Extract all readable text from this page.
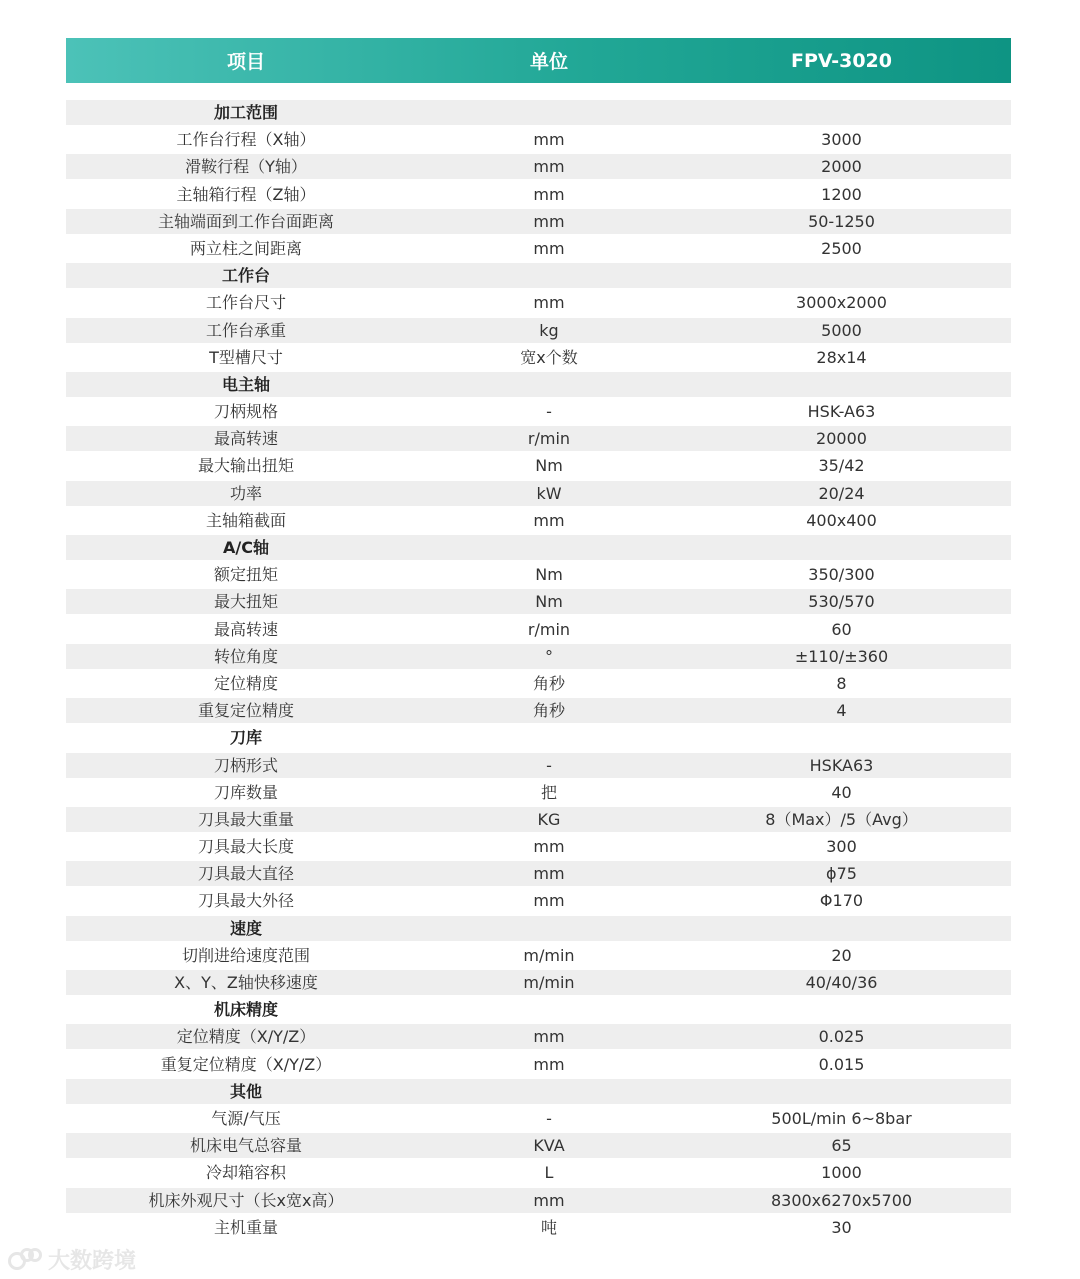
项目	单位	FPV-3020
加工范围
工作台行程（X轴）	mm	3000
滑鞍行程（Y轴）	mm	2000
主轴箱行程（Z轴）	mm	1200
主轴端面到工作台面距离	mm	50-1250
两立柱之间距离	mm	2500
工作台
工作台尺寸	mm	3000x2000
工作台承重	kg	5000
T型槽尺寸	宽x个数	28x14
电主轴
刀柄规格	-	HSK-A63
最高转速	r/min	20000
最大输出扭矩	Nm	35/42
功率	kW	20/24
主轴箱截面	mm	400x400
A/C轴
额定扭矩	Nm	350/300
最大扭矩	Nm	530/570
最高转速	r/min	60
转位角度	°	±110/±360
定位精度	角秒	8
重复定位精度	角秒	4
刀库
刀柄形式	-	HSKA63
刀库数量	把	40
刀具最大重量	KG	8（Max）/5（Avg）
刀具最大长度	mm	300
刀具最大直径	mm	ϕ75
刀具最大外径	mm	Φ170
速度
切削进给速度范围	m/min	20
X、Y、Z轴快移速度	m/min	40/40/36
机床精度
定位精度（X/Y/Z）	mm	0.025
重复定位精度（X/Y/Z）	mm	0.015
其他
气源/气压	-	500L/min 6~8bar
机床电气总容量	KVA	65
冷却箱容积	L	1000
机床外观尺寸（长x宽x高）	mm	8300x6270x5700
主机重量	吨	30
大数跨境
